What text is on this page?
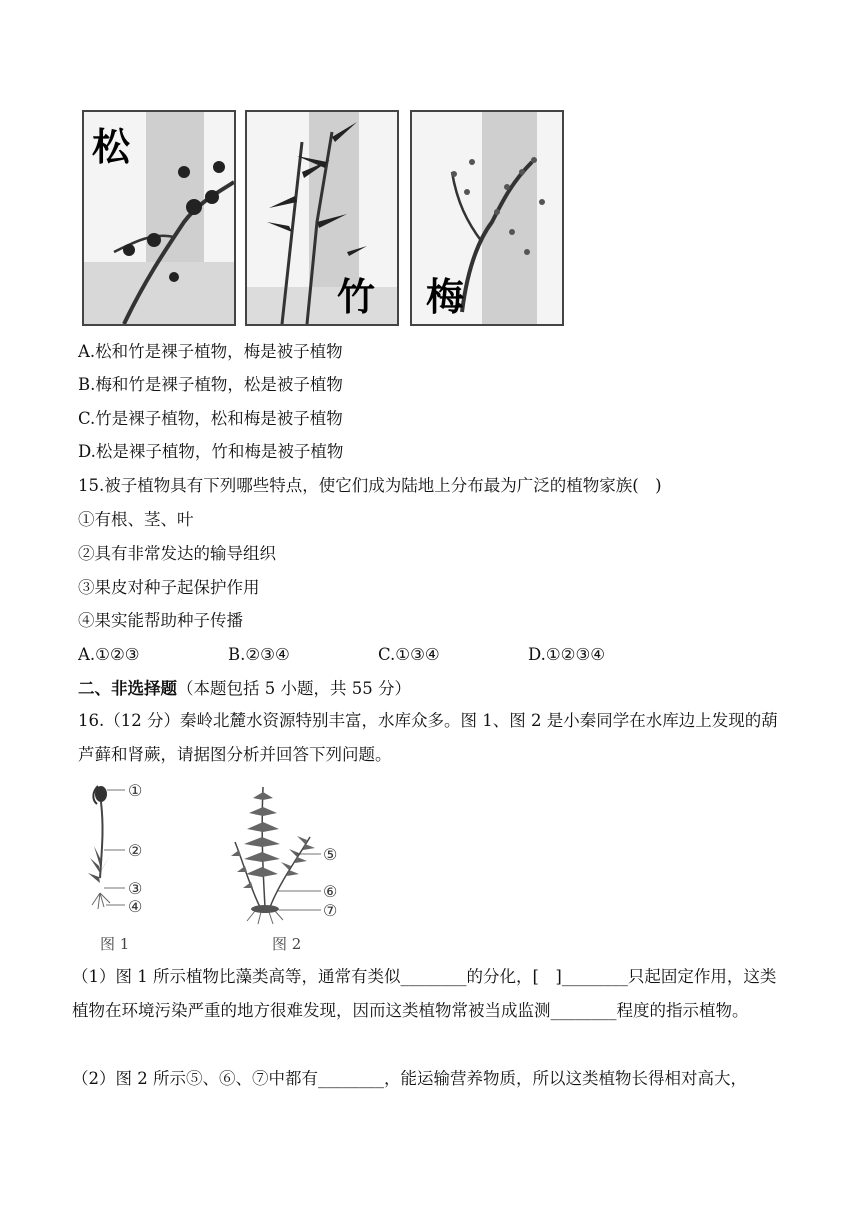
松
竹 梅
A.松和竹是裸子植物，梅是被子植物
B.梅和竹是裸子植物，松是被子植物
C.竹是裸子植物，松和梅是被子植物
D.松是裸子植物，竹和梅是被子植物
15.被子植物具有下列哪些特点，使它们成为陆地上分布最为广泛的植物家族(　)
①有根、茎、叶
②具有非常发达的输导组织
③果皮对种子起保护作用
④果实能帮助种子传播
A.①②③	B.②③④	C.①③④	D.①②③④
二、非选择题（本题包括 5 小题，共 55 分）
16.（12 分）秦岭北麓水资源特别丰富，水库众多。图 1、图 2 是小秦同学在水库边上发现的葫芦藓和肾蕨，请据图分析并回答下列问题。
①
②
③
④
图 1
⑤
⑥
⑦
图 2
（1）图 1 所示植物比藻类高等，通常有类似________的分化，[　]________只起固定作用，这类植物在环境污染严重的地方很难发现，因而这类植物常被当成监测________程度的指示植物。
（2）图 2 所示⑤、⑥、⑦中都有________，能运输营养物质，所以这类植物长得相对高大，
